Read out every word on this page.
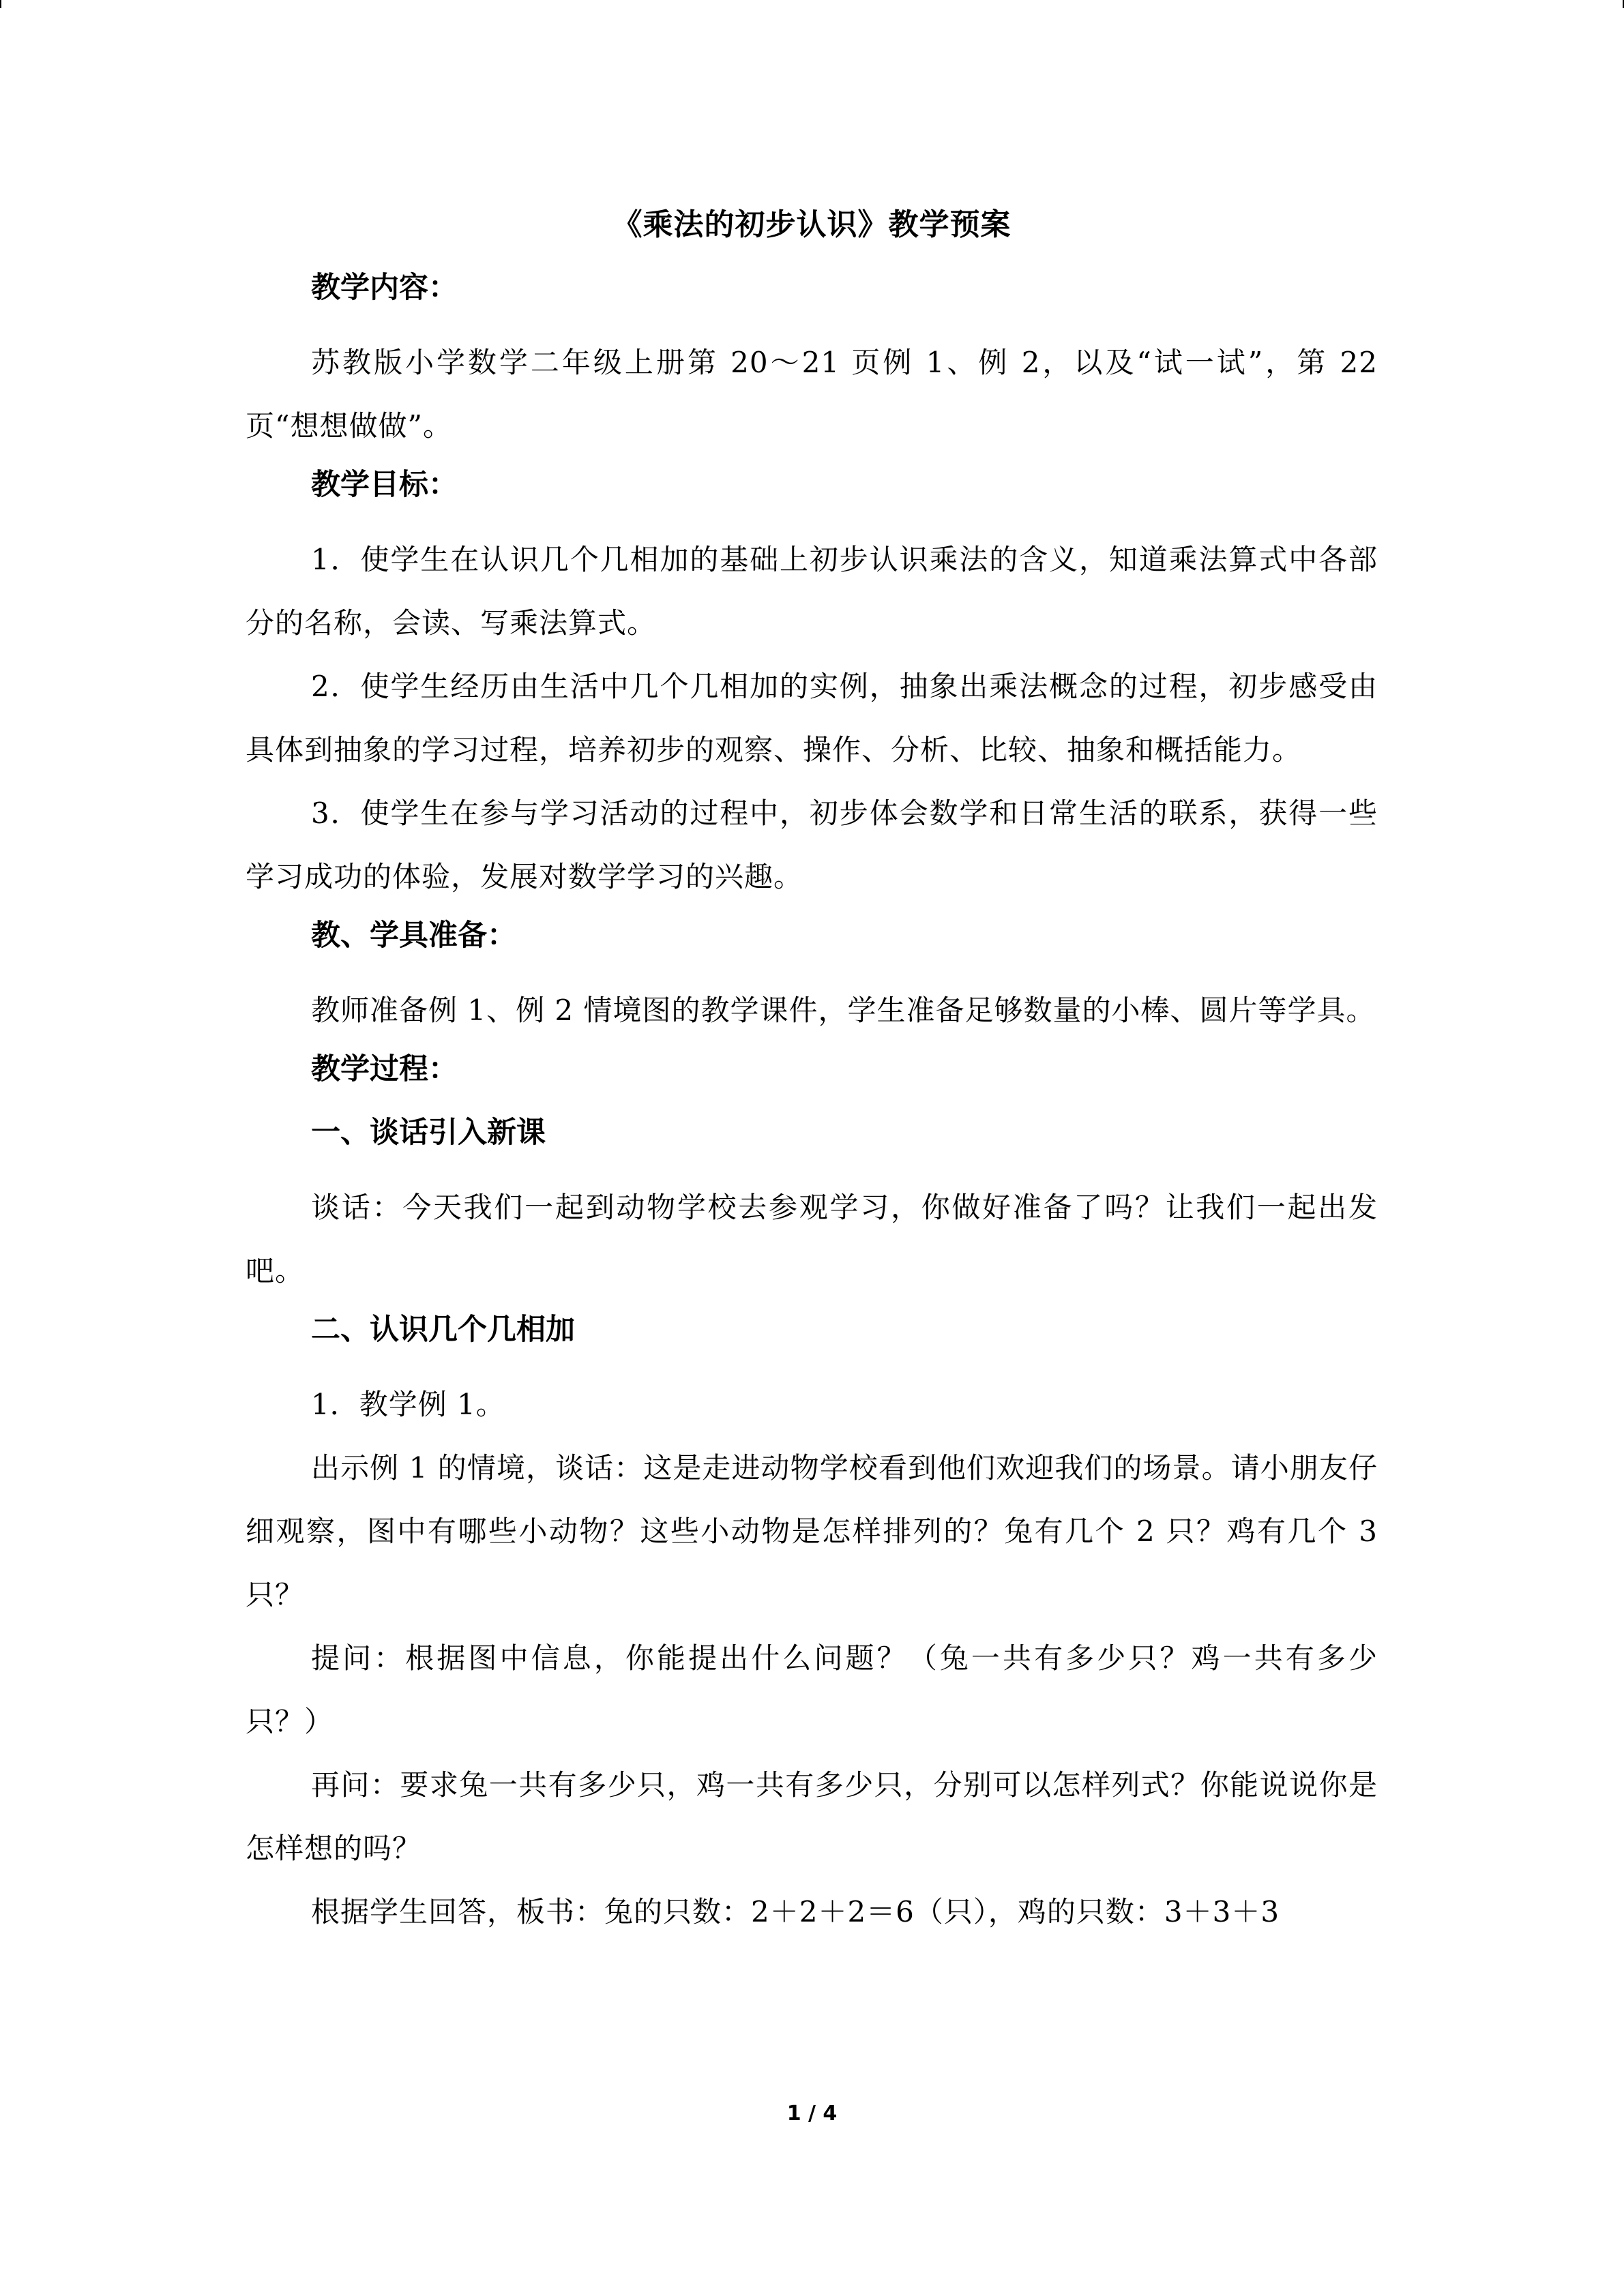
《乘法的初步认识》教学预案
教学内容：

苏教版小学数学二年级上册第 20～21 页例 1、例 2，以及“试一试”，第 22 页“想想做做”。

教学目标：

1．使学生在认识几个几相加的基础上初步认识乘法的含义，知道乘法算式中各部分的名称，会读、写乘法算式。

2．使学生经历由生活中几个几相加的实例，抽象出乘法概念的过程，初步感受由具体到抽象的学习过程，培养初步的观察、操作、分析、比较、抽象和概括能力。

3．使学生在参与学习活动的过程中，初步体会数学和日常生活的联系，获得一些学习成功的体验，发展对数学学习的兴趣。

教、学具准备：

教师准备例 1、例 2 情境图的教学课件，学生准备足够数量的小棒、圆片等学具。

教学过程：
一、谈话引入新课

谈话：今天我们一起到动物学校去参观学习，你做好准备了吗？让我们一起出发吧。

二、认识几个几相加

1．教学例 1。

出示例 1 的情境，谈话：这是走进动物学校看到他们欢迎我们的场景。请小朋友仔细观察，图中有哪些小动物？这些小动物是怎样排列的？兔有几个 2 只？鸡有几个 3 只？

提问：根据图中信息，你能提出什么问题？（兔一共有多少只？鸡一共有多少只？）

再问：要求兔一共有多少只，鸡一共有多少只，分别可以怎样列式？你能说说你是怎样想的吗？

根据学生回答，板书：兔的只数：2＋2＋2＝6（只），鸡的只数：3＋3＋3

1 / 4
